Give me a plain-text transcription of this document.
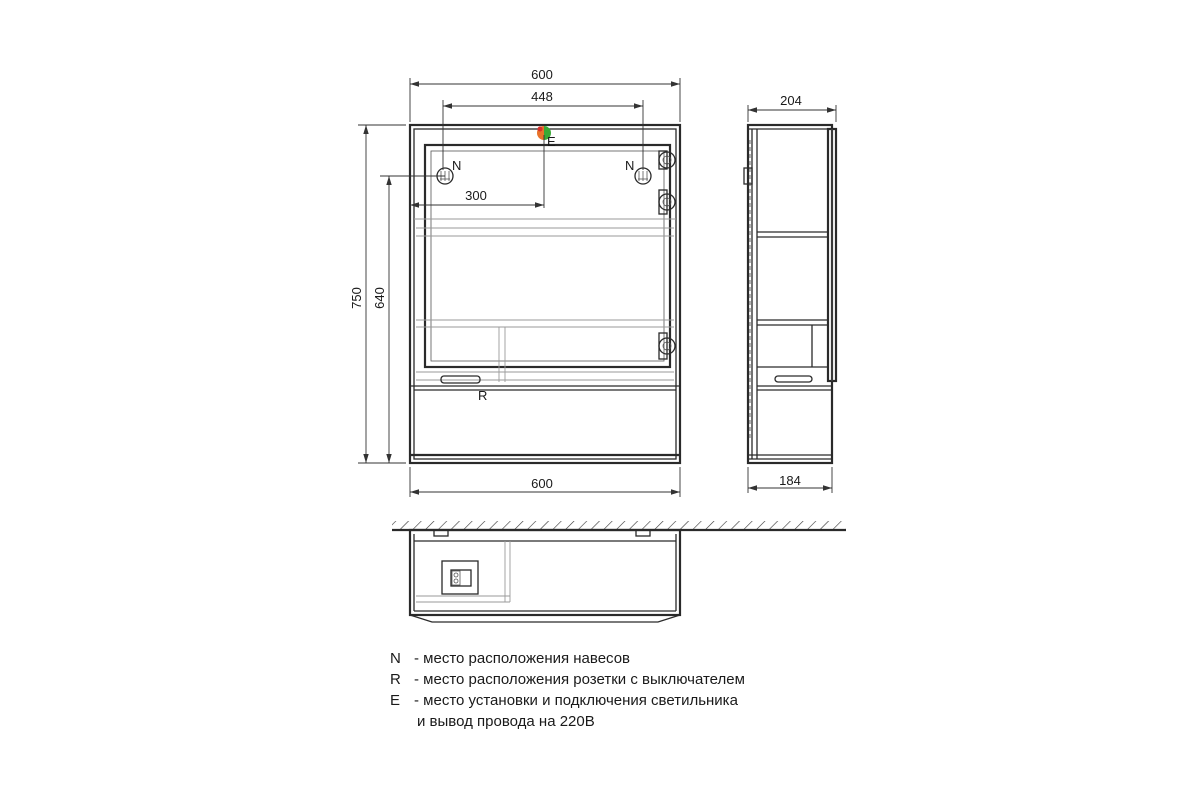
600
448
300
750 640
600
N	N
E
R
204
184
N - место расположения навесов
R - место расположения розетки с выключателем
E - место установки и подключения светильника
и вывод провода на 220В
